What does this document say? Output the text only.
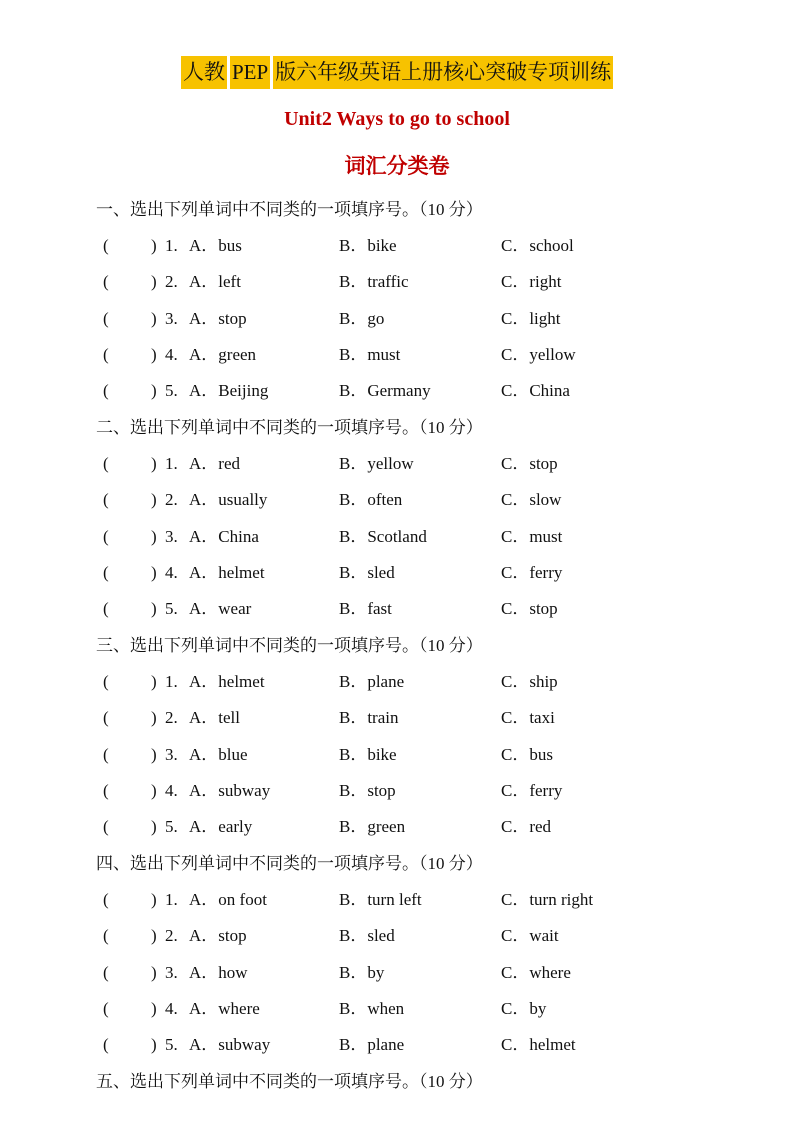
人教 PEP 版六年级英语上册核心突破专项训练
Unit2 Ways to go to school
词汇分类卷
一、选出下列单词中不同类的一项填序号。（10 分）
( ) 1. A．bus	B．bike	C．school
( ) 2. A．left	B．traffic	C．right
( ) 3. A．stop	B．go	C．light
( ) 4. A．green	B．must	C．yellow
( ) 5. A．Beijing	B．Germany	C．China
二、选出下列单词中不同类的一项填序号。（10 分）
( ) 1. A．red	B．yellow	C．stop
( ) 2. A．usually	B．often	C．slow
( ) 3. A．China	B．Scotland	C．must
( ) 4. A．helmet	B．sled	C．ferry
( ) 5. A．wear	B．fast	C．stop
三、选出下列单词中不同类的一项填序号。（10 分）
( ) 1. A．helmet	B．plane	C．ship
( ) 2. A．tell	B．train	C．taxi
( ) 3. A．blue	B．bike	C．bus
( ) 4. A．subway	B．stop	C．ferry
( ) 5. A．early	B．green	C．red
四、选出下列单词中不同类的一项填序号。（10 分）
( ) 1. A．on foot	B．turn left	C．turn right
( ) 2. A．stop	B．sled	C．wait
( ) 3. A．how	B．by	C．where
( ) 4. A．where	B．when	C．by
( ) 5. A．subway	B．plane	C．helmet
五、选出下列单词中不同类的一项填序号。（10 分）
